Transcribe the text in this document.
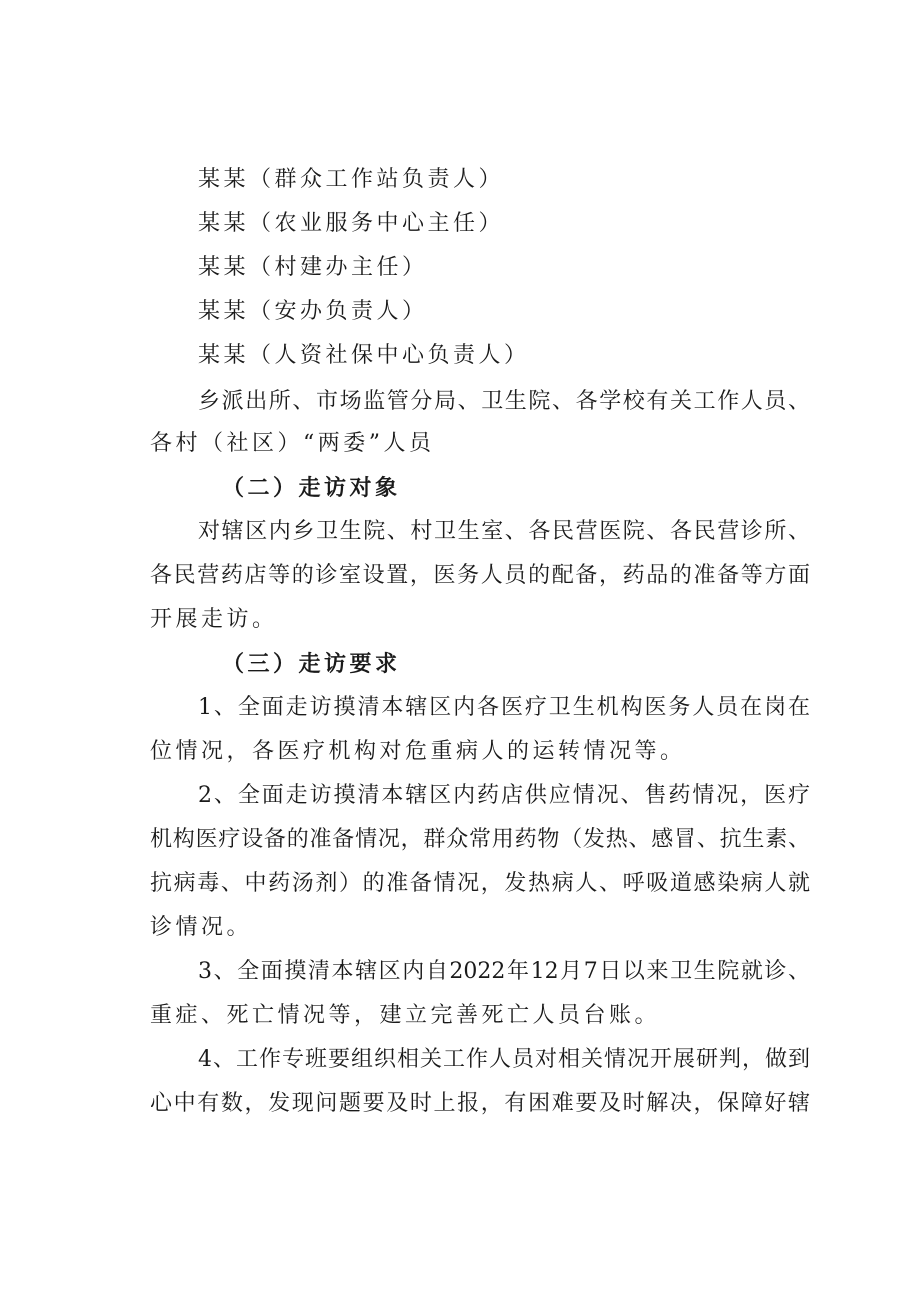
某某（群众工作站负责人）
某某（农业服务中心主任）
某某（村建办主任）
某某（安办负责人）
某某（人资社保中心负责人）
乡派出所、市场监管分局、卫生院、各学校有关工作人员、
各村（社区）“两委”人员
（二）走访对象
对辖区内乡卫生院、村卫生室、各民营医院、各民营诊所、
各民营药店等的诊室设置，医务人员的配备，药品的准备等方面
开展走访。
（三）走访要求
1、全面走访摸清本辖区内各医疗卫生机构医务人员在岗在
位情况，各医疗机构对危重病人的运转情况等。
2、全面走访摸清本辖区内药店供应情况、售药情况，医疗
机构医疗设备的准备情况，群众常用药物（发热、感冒、抗生素、
抗病毒、中药汤剂）的准备情况，发热病人、呼吸道感染病人就
诊情况。
3、全面摸清本辖区内自2022年12月7日以来卫生院就诊、
重症、死亡情况等，建立完善死亡人员台账。
4、工作专班要组织相关工作人员对相关情况开展研判，做到
心中有数，发现问题要及时上报，有困难要及时解决，保障好辖
